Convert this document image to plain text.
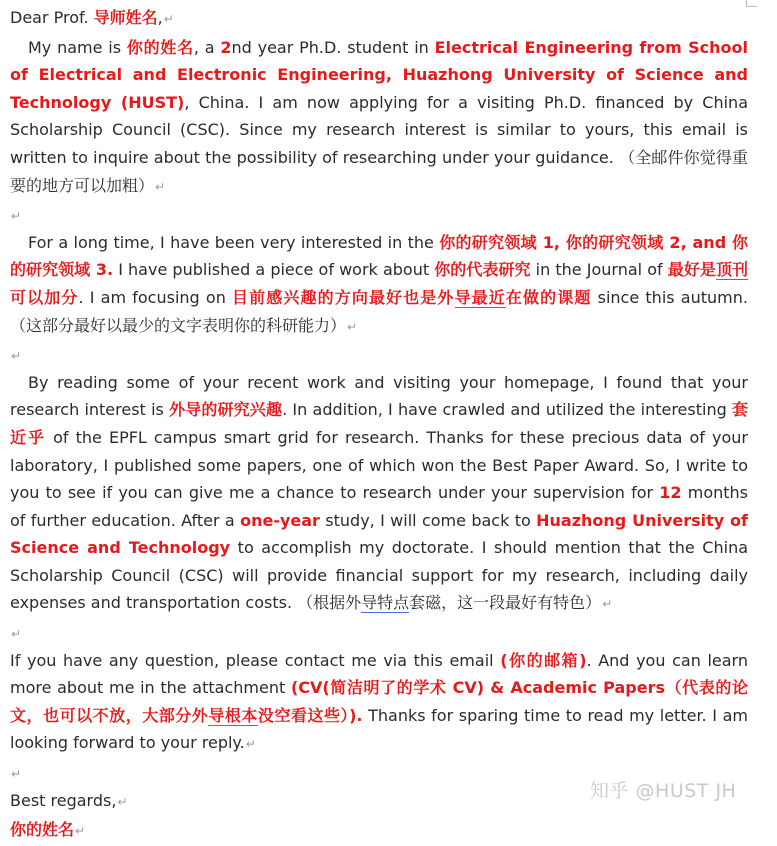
Dear Prof. 导师姓名,↵

My name is 你的姓名, a 2nd year Ph.D. student in Electrical Engineering from School of Electrical and Electronic Engineering, Huazhong University of Science and Technology (HUST), China. I am now applying for a visiting Ph.D. financed by China Scholarship Council (CSC). Since my research interest is similar to yours, this email is written to inquire about the possibility of researching under your guidance. （全邮件你觉得重要的地方可以加粗）↵

↵

For a long time, I have been very interested in the 你的研究领域 1, 你的研究领域 2, and 你的研究领域 3. I have published a piece of work about 你的代表研究 in the Journal of 最好是顶刊可以加分. I am focusing on 目前感兴趣的方向最好也是外导最近在做的课题 since this autumn. （这部分最好以最少的文字表明你的科研能力）↵

↵

By reading some of your recent work and visiting your homepage, I found that your research interest is 外导的研究兴趣. In addition, I have crawled and utilized the interesting 套近乎 of the EPFL campus smart grid for research. Thanks for these precious data of your laboratory, I published some papers, one of which won the Best Paper Award. So, I write to you to see if you can give me a chance to research under your supervision for 12 months of further education. After a one-year study, I will come back to Huazhong University of Science and Technology to accomplish my doctorate. I should mention that the China Scholarship Council (CSC) will provide financial support for my research, including daily expenses and transportation costs. （根据外导特点套磁，这一段最好有特色）↵

↵

If you have any question, please contact me via this email (你的邮箱). And you can learn more about me in the attachment (CV(简洁明了的学术 CV) & Academic Papers（代表的论文，也可以不放，大部分外导根本没空看这些）). Thanks for sparing time to read my letter. I am looking forward to your reply.↵

↵

Best regards,↵

你的姓名↵

知乎 @HUST JH
